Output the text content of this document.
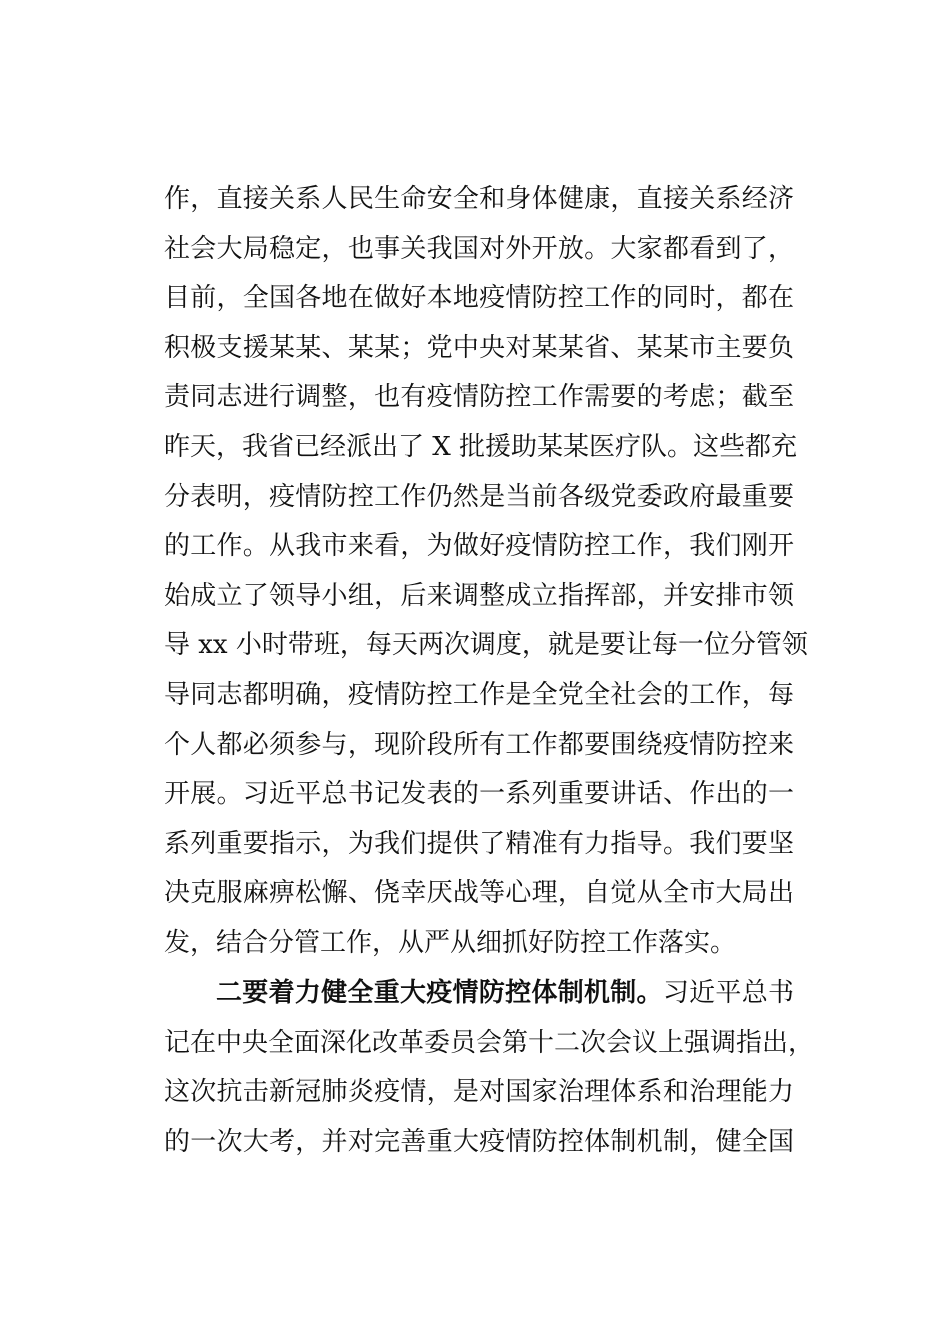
作，直接关系人民生命安全和身体健康，直接关系经济
社会大局稳定，也事关我国对外开放。大家都看到了，
目前，全国各地在做好本地疫情防控工作的同时，都在
积极支援某某、某某；党中央对某某省、某某市主要负
责同志进行调整，也有疫情防控工作需要的考虑；截至
昨天，我省已经派出了 X 批援助某某医疗队。这些都充
分表明，疫情防控工作仍然是当前各级党委政府最重要
的工作。从我市来看，为做好疫情防控工作，我们刚开
始成立了领导小组，后来调整成立指挥部，并安排市领
导 xx 小时带班，每天两次调度，就是要让每一位分管领
导同志都明确，疫情防控工作是全党全社会的工作，每
个人都必须参与，现阶段所有工作都要围绕疫情防控来
开展。习近平总书记发表的一系列重要讲话、作出的一
系列重要指示，为我们提供了精准有力指导。我们要坚
决克服麻痹松懈、侥幸厌战等心理，自觉从全市大局出
发，结合分管工作，从严从细抓好防控工作落实。
二要着力健全重大疫情防控体制机制。习近平总书
记在中央全面深化改革委员会第十二次会议上强调指出，
这次抗击新冠肺炎疫情，是对国家治理体系和治理能力
的一次大考，并对完善重大疫情防控体制机制，健全国
